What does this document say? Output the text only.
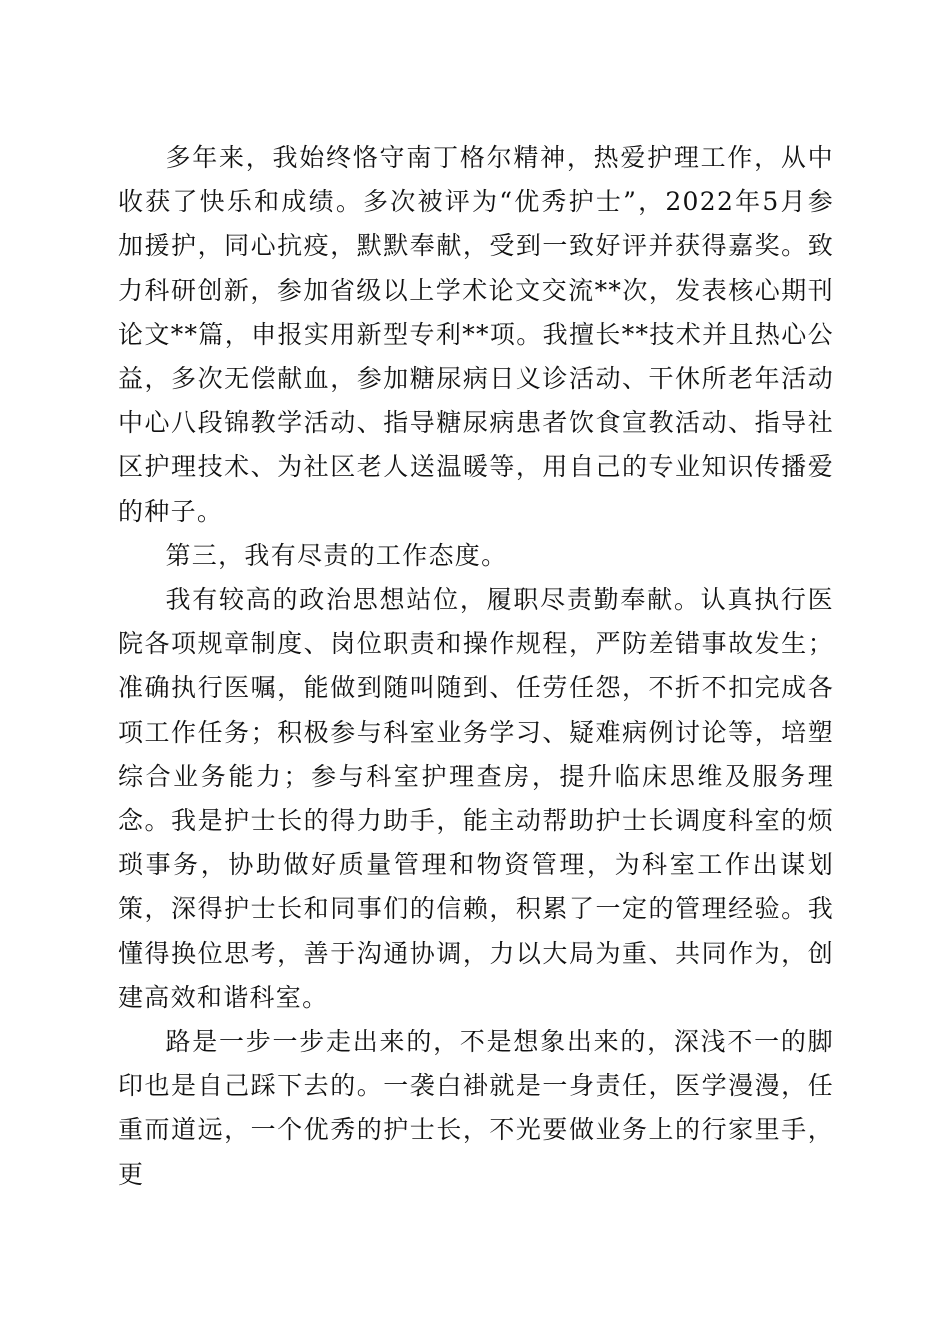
多年来，我始终恪守南丁格尔精神，热爱护理工作，从中收获了快乐和成绩。多次被评为“优秀护士”，2022年5月参加援护，同心抗疫，默默奉献，受到一致好评并获得嘉奖。致力科研创新，参加省级以上学术论文交流**次，发表核心期刊论文**篇，申报实用新型专利**项。我擅长**技术并且热心公益，多次无偿献血，参加糖尿病日义诊活动、干休所老年活动中心八段锦教学活动、指导糖尿病患者饮食宣教活动、指导社区护理技术、为社区老人送温暖等，用自己的专业知识传播爱的种子。

第三，我有尽责的工作态度。

我有较高的政治思想站位，履职尽责勤奉献。认真执行医院各项规章制度、岗位职责和操作规程，严防差错事故发生；准确执行医嘱，能做到随叫随到、任劳任怨，不折不扣完成各项工作任务；积极参与科室业务学习、疑难病例讨论等，培塑综合业务能力；参与科室护理查房，提升临床思维及服务理念。我是护士长的得力助手，能主动帮助护士长调度科室的烦琐事务，协助做好质量管理和物资管理，为科室工作出谋划策，深得护士长和同事们的信赖，积累了一定的管理经验。我懂得换位思考，善于沟通协调，力以大局为重、共同作为，创建高效和谐科室。

路是一步一步走出来的，不是想象出来的，深浅不一的脚印也是自己踩下去的。一袭白褂就是一身责任，医学漫漫，任重而道远，一个优秀的护士长，不光要做业务上的行家里手，更
